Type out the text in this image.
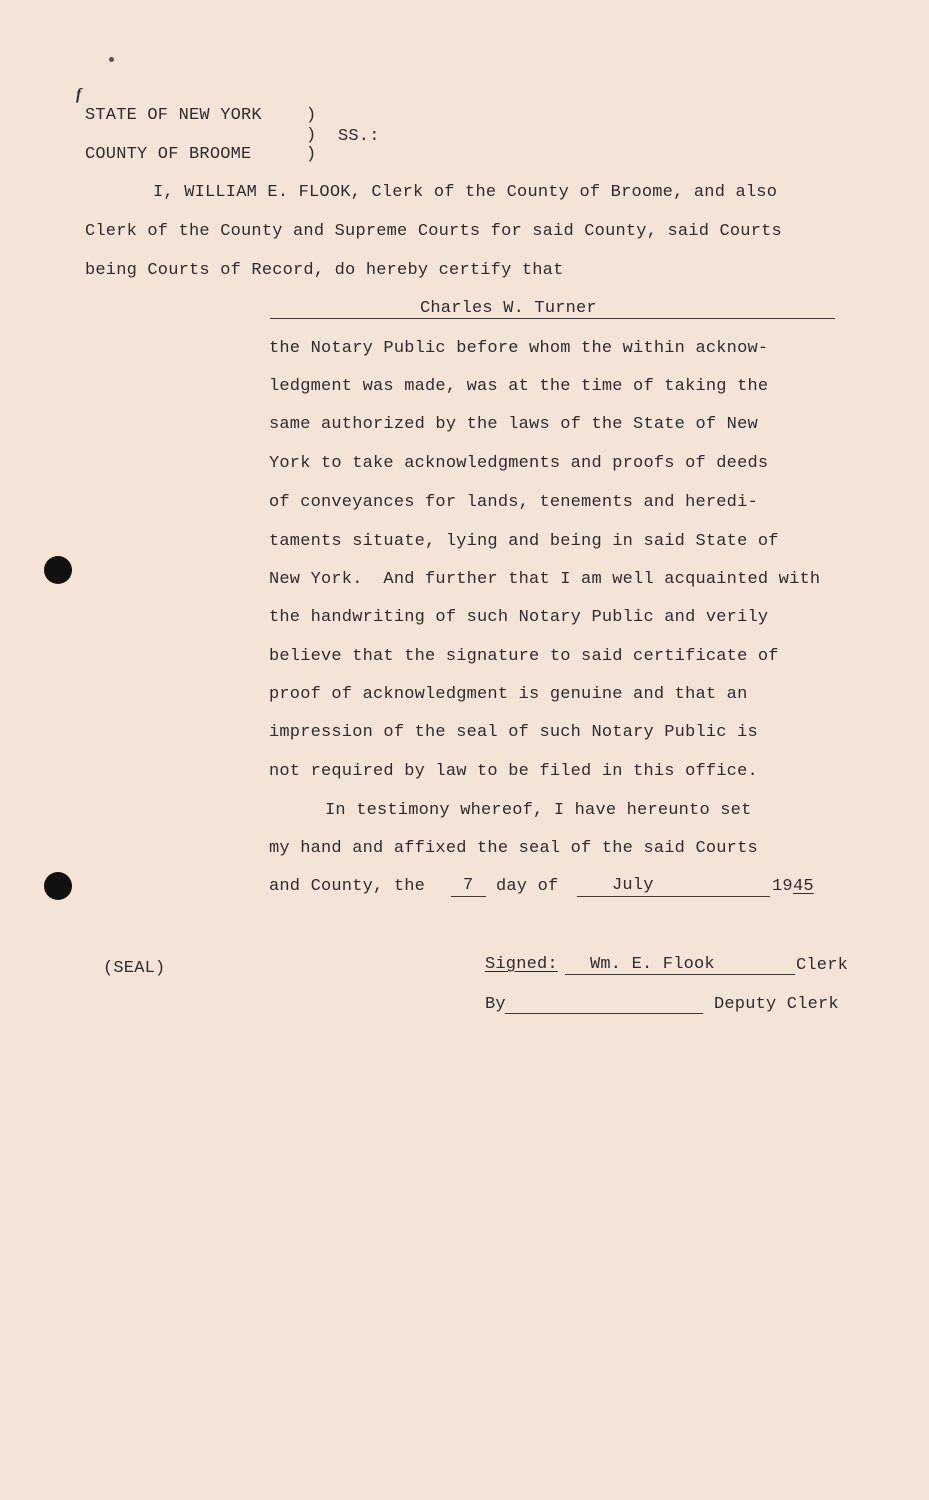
f
STATE OF NEW YORK
COUNTY OF BROOME
)
)
)
SS.:
I, WILLIAM E. FLOOK, Clerk of the County of Broome, and also
Clerk of the County and Supreme Courts for said County, said Courts
being Courts of Record, do hereby certify that
Charles W. Turner
the Notary Public before whom the within acknow-
ledgment was made, was at the time of taking the
same authorized by the laws of the State of New
York to take acknowledgments and proofs of deeds
of conveyances for lands, tenements and heredi-
taments situate, lying and being in said State of
New York.  And further that I am well acquainted with
the handwriting of such Notary Public and verily
believe that the signature to said certificate of
proof of acknowledgment is genuine and that an
impression of the seal of such Notary Public is
not required by law to be filed in this office.
In testimony whereof, I have hereunto set
my hand and affixed the seal of the said Courts
and County, the 7 day of	July	19 45
(SEAL)	Signed: Wm. E. Flook	Clerk
By	Deputy Clerk
